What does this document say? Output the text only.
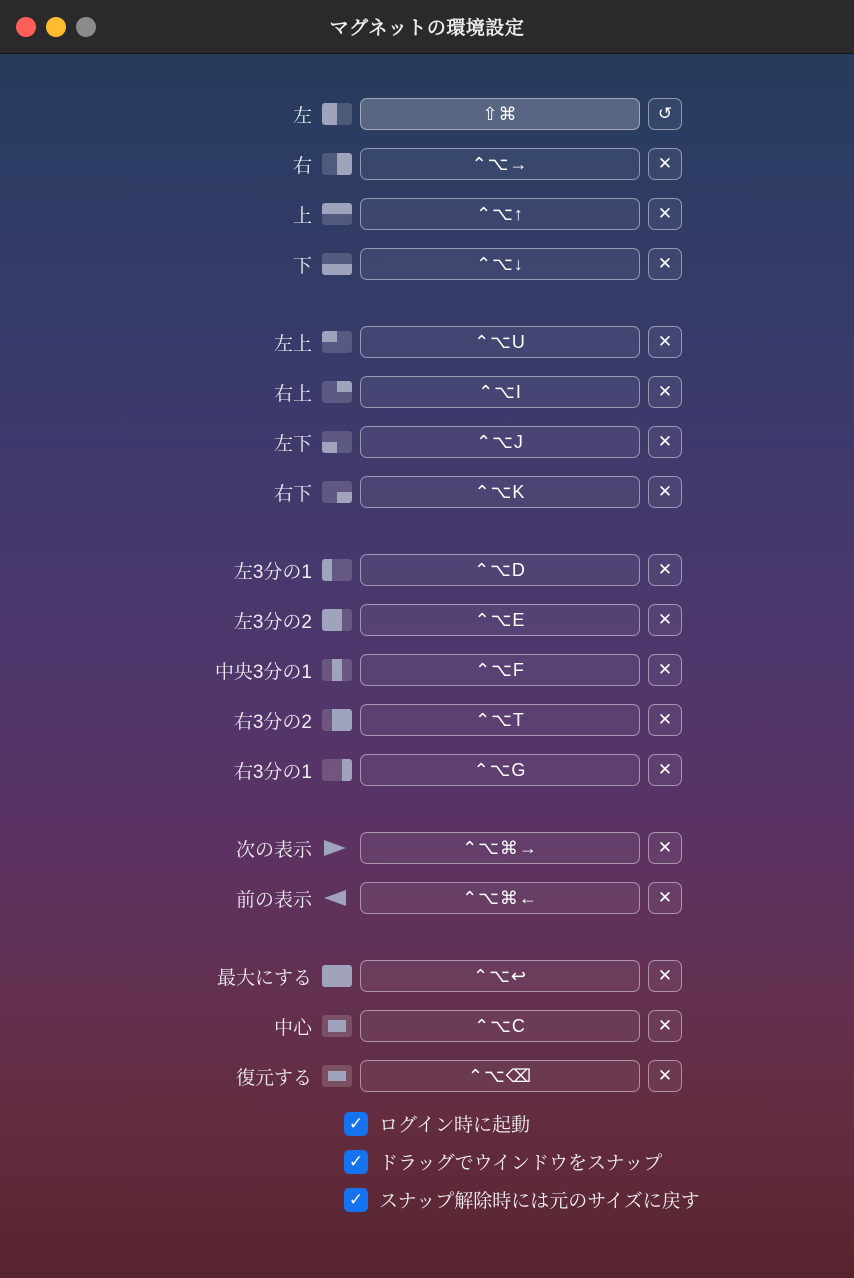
マグネットの環境設定
左	⇧⌘	↺
右	⌃⌥→	✕
上	⌃⌥↑	✕
下	⌃⌥↓	✕
左上	⌃⌥U	✕
右上	⌃⌥I	✕
左下	⌃⌥J	✕
右下	⌃⌥K	✕
左3分の1	⌃⌥D	✕
左3分の2	⌃⌥E	✕
中央3分の1	⌃⌥F	✕
右3分の2	⌃⌥T	✕
右3分の1	⌃⌥G	✕
次の表示	⌃⌥⌘→	✕
前の表示	⌃⌥⌘←	✕
最大にする	⌃⌥↩	✕
中心	⌃⌥C	✕
復元する	⌃⌥⌫	✕
✓ ログイン時に起動
✓ ドラッグでウインドウをスナップ
✓ スナップ解除時には元のサイズに戻す
